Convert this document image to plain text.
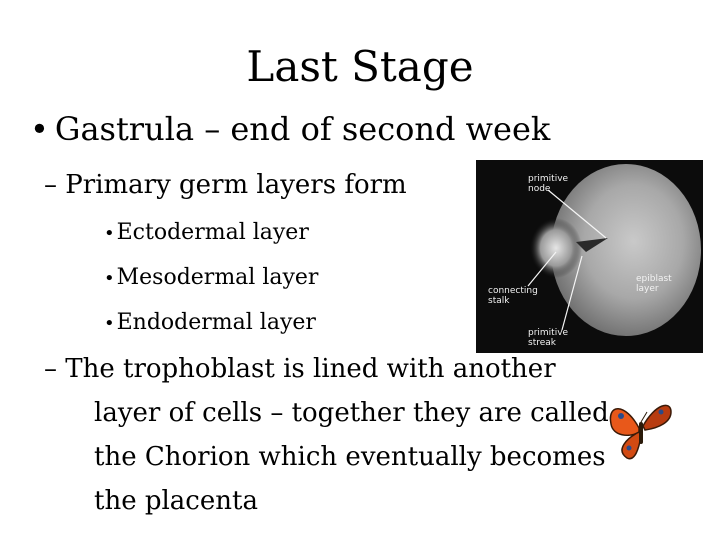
Last Stage
• Gastrula – end of second week
– Primary germ layers form
•Ectodermal layer
•Mesodermal layer
•Endodermal layer
– The trophoblast is lined with another
layer of cells – together they are called
the Chorion which eventually becomes
the placenta
primitive
node
epiblast
layer
connecting
stalk
primitive
streak
